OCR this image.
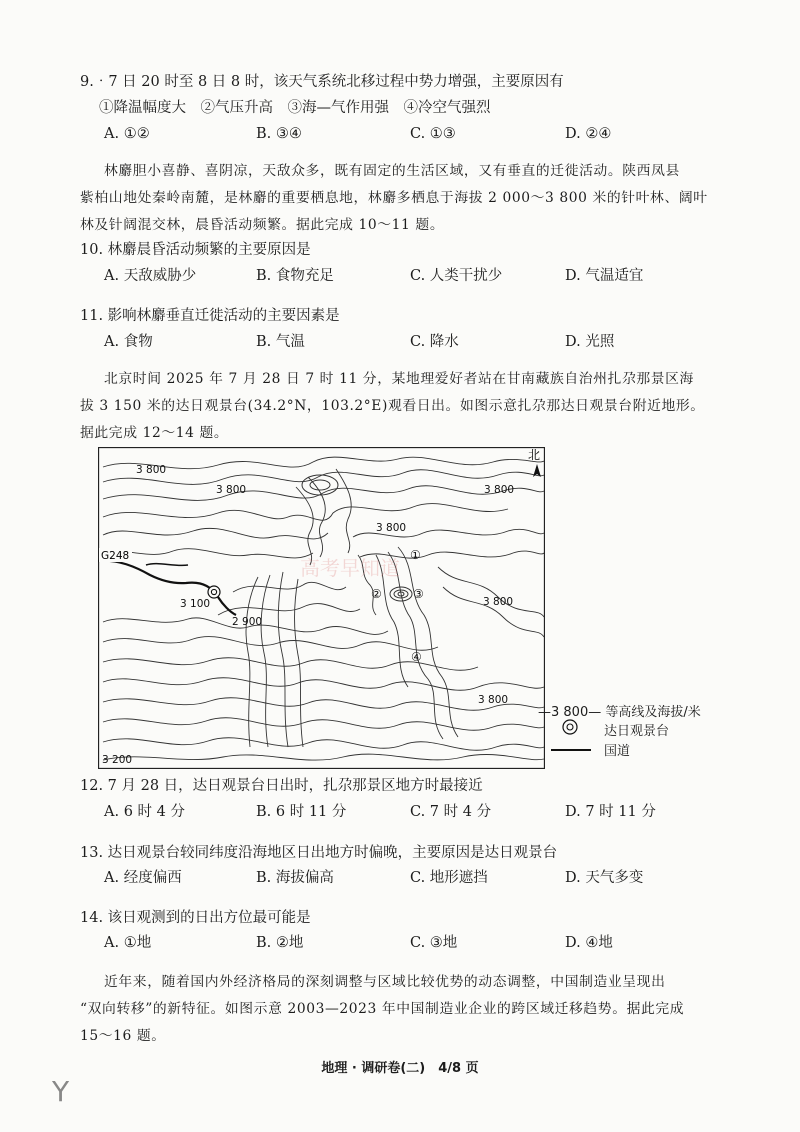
9.‧7 日 20 时至 8 日 8 时，该天气系统北移过程中势力增强，主要原因有
①降温幅度大　②气压升高　③海—气作用强　④冷空气强烈
A. ①②	B. ③④	C. ①③	D. ②④
林麝胆小喜静、喜阴凉，天敌众多，既有固定的生活区域，又有垂直的迁徙活动。陕西凤县
紫柏山地处秦岭南麓，是林麝的重要栖息地，林麝多栖息于海拔 2 000～3 800 米的针叶林、阔叶
林及针阔混交林，晨昏活动频繁。据此完成 10～11 题。
10. 林麝晨昏活动频繁的主要原因是
A. 天敌威胁少	B. 食物充足	C. 人类干扰少	D. 气温适宜
11. 影响林麝垂直迁徙活动的主要因素是
A. 食物	B. 气温	C. 降水	D. 光照
北京时间 2025 年 7 月 28 日 7 时 11 分，某地理爱好者站在甘南藏族自治州扎尕那景区海
拔 3 150 米的达日观景台(34.2°N，103.2°E)观看日出。如图示意扎尕那达日观景台附近地形。
据此完成 12～14 题。
北
G248
3 800
3 800	3 800
3 800
3 800
3 800
3 100
2 900
3 200
①
②	③
④
—3 800— 等高线及海拔/米
达日观景台
国道
高考早知道
12. 7 月 28 日，达日观景台日出时，扎尕那景区地方时最接近
A. 6 时 4 分	B. 6 时 11 分	C. 7 时 4 分	D. 7 时 11 分
13. 达日观景台较同纬度沿海地区日出地方时偏晚，主要原因是达日观景台
A. 经度偏西	B. 海拔偏高	C. 地形遮挡	D. 天气多变
14. 该日观测到的日出方位最可能是
A. ①地	B. ②地	C. ③地	D. ④地
近年来，随着国内外经济格局的深刻调整与区域比较优势的动态调整，中国制造业呈现出
“双向转移”的新特征。如图示意 2003—2023 年中国制造业企业的跨区域迁移趋势。据此完成
15～16 题。
地理 · 调研卷(二)　4/8 页
Y
